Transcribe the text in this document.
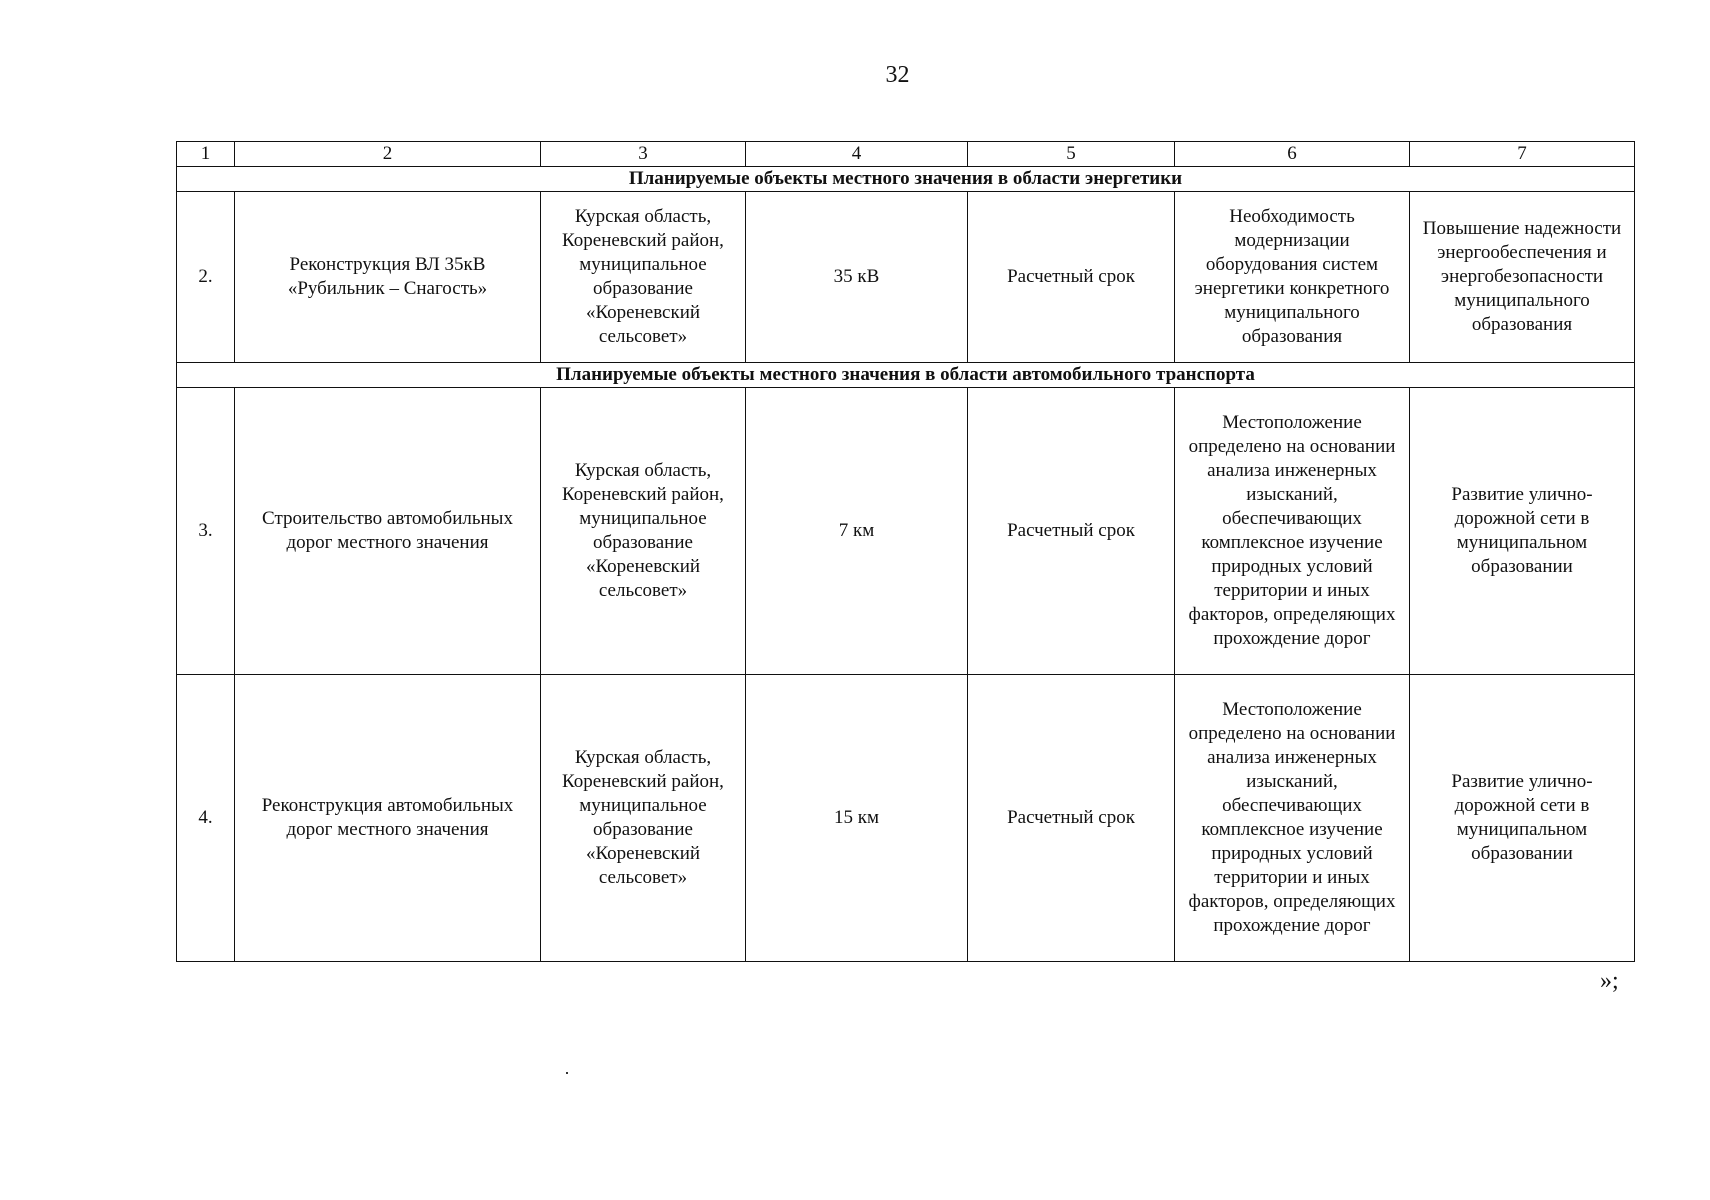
32
1	2	3	4	5	6	7
Планируемые объекты местного значения в области энергетики						
2.	Реконструкция ВЛ 35кВ «Рубильник – Снагость»	Курская область, Кореневский район, муниципальное образование «Кореневский сельсовет»	35 кВ	Расчетный срок	Необходимость модернизации оборудования систем энергетики конкретного муниципального образования	Повышение надежности энергообеспечения и энергобезопасности муниципального образования
Планируемые объекты местного значения в области автомобильного транспорта						
3.	Строительство автомобильных дорог местного значения	Курская область, Кореневский район, муниципальное образование «Кореневский сельсовет»	7 км	Расчетный срок	Местоположение определено на основании анализа инженерных изысканий, обеспечивающих комплексное изучение природных условий территории и иных факторов, определяющих прохождение дорог	Развитие улично-дорожной сети в муниципальном образовании
4.	Реконструкция автомобильных дорог местного значения	Курская область, Кореневский район, муниципальное образование «Кореневский сельсовет»	15 км	Расчетный срок	Местоположение определено на основании анализа инженерных изысканий, обеспечивающих комплексное изучение природных условий территории и иных факторов, определяющих прохождение дорог	Развитие улично-дорожной сети в муниципальном образовании
»;
